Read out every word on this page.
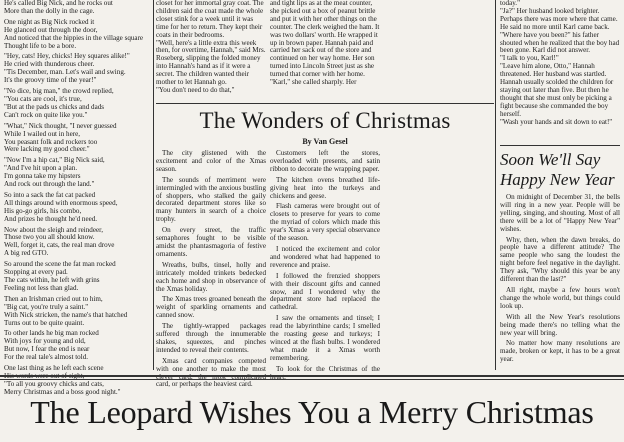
He's called Big Nick, and he rocks out
More than the dolly in the cage.

One night as Big Nick rocked it
He glanced out through the door,
And noticed that the hippies in the village square
Thought life to be a bore.

"Hey, cats! Hey, chicks! Hey squares alike!"
He cried with thunderous cheer.
"Tis December, man. Let's wail and swing.
It's the groovy time of the year!"

"No dice, big man," the crowd replied,
"You cats are cool, it's true,
"But at the pads us chicks and dads
Can't rock on quite like you."

"What," Nick thought, "I never guessed
While I wailed out in here,
You peasant folk and rockers too
Were lacking my good cheer."

"Now I'm a hip cat," Big Nick said,
"And I've hit upon a plan.
I'm gonna take my hipsters
And rock out through the land."

So into a sack the fat cat packed
All things around with enormous speed,
His go-go girls, his combo,
And prizes he thought he'd need.

Now about the sleigh and reindeer,
Those two you all should know.
Well, forget it, cats, the real man drove
A big red GTO.

So around the scene the fat man rocked
Stopping at every pad.
The cats within, he left with grins
Feeling not less than glad.

Then an Irishman cried out to him,
"Big cat, you're truly a saint."
With Nick stricken, the name's that hatched
Turns out to be quite quaint.

To other lands he big man rocked
With joys for young and old,
But now, I fear the end is near
For the real tale's almost told.

One last thing as he left each scene

"To all you groovy chicks and cats,
Merry Christmas and a boss good night."

closet for her immortal gray coat. The children said the coat made the whole closet stink for a week until it was time for her to return. They kept their coats in their bedrooms.
"Well, here's a little extra this week then, for overtime, Hannah," said Mrs. Roseberg, slipping the folded money into Hannah's hand as if it were a secret. The children wanted their mother to let Hannah go.
"You don't need to do that,"

and tight lips as at the meat counter, she picked out a box of peanut brittle and put it with her other things on the counter. The clerk weighed the ham. It was two dollars' worth. He wrapped it up in brown paper. Hannah paid and carried her sack out of the store and continued on her way home. Her son turned into Lincoln Street just as she turned that corner with her home.
"Karl," she called sharply. Her

today."
"Ja?" Her husband looked brighter. Perhaps there was more where that came. He said no more until Karl came back.
"Where have you been?" his father shouted when he realized that the boy had been gone. Karl did not answer.
"I talk to you, Karl!"
"Leave him alone, Otto," Hannah threatened. Her husband was startled. Hannah usually scolded the children for staying out later than five. But then he thought that she must only be picking a fight because she commanded the boy herself.
"Wash your hands and sit down to eat!"

The Wonders of Christmas
By Van Gesel

The city glistened with the excitement and color of the Xmas season.

The sounds of merriment were intermingled with the anxious bustling of shoppers, who stalked the gaily decorated department stores like so many hunters in search of a choice trophy.

On every street, the traffic semaphores fought to be visible amidst the phantasmagoria of festive ornaments.

Wreaths, bulbs, tinsel, holly and intricately molded trinkets bedecked each home and shop in observance of the Xmas holiday.

The Xmas trees groaned beneath the weight of sparkling ornaments and canned snow.

The tightly-wrapped packages suffered through the innumerable shakes, squeezes, and pinches intended to reveal their contents.

Xmas card companies competed with one another to make the most card, or perhaps the heaviest card.

Customers left the stores, overloaded with presents, and satin ribbon to decorate the wrapping paper.

The kitchen ovens breathed life-giving heat into the turkeys and chickens and geese.

Flash cameras were brought out of closets to preserve for years to come the myriad of colors which made this year's Xmas a very special observance of the season.

I noticed the excitement and color and wondered what had happened to reverence and praise.

I followed the frenzied shoppers with their discount gifts and canned snow, and I wondered why the department store had replaced the cathedral.

I saw the ornaments and tinsel; I read the labyrinthine cards; I smelled the roasting geese and turkeys; I winced at the flash bulbs. I wondered what made it a Xmas worth remembering.

To look for the Christmas of the

Soon We'll Say Happy New Year

On midnight of December 31, the bells will ring in a new year. People will be yelling, singing, and shouting. Most of all there will be a lot of "Happy New Year" wishes.

Why, then, when the dawn breaks, do people have a different attitude? The same people who sang the loudest the night before feel negative in the daylight. They ask, "Why should this year be any different than the last?"

All right, maybe a few hours won't change the whole world, but things could look up.

With all the New Year's resolutions being made there's no telling what the new year will bring.

No matter how many resolutions are made, broken or kept, it has to be a great year.

The Leopard Wishes You a Merry Christmas
